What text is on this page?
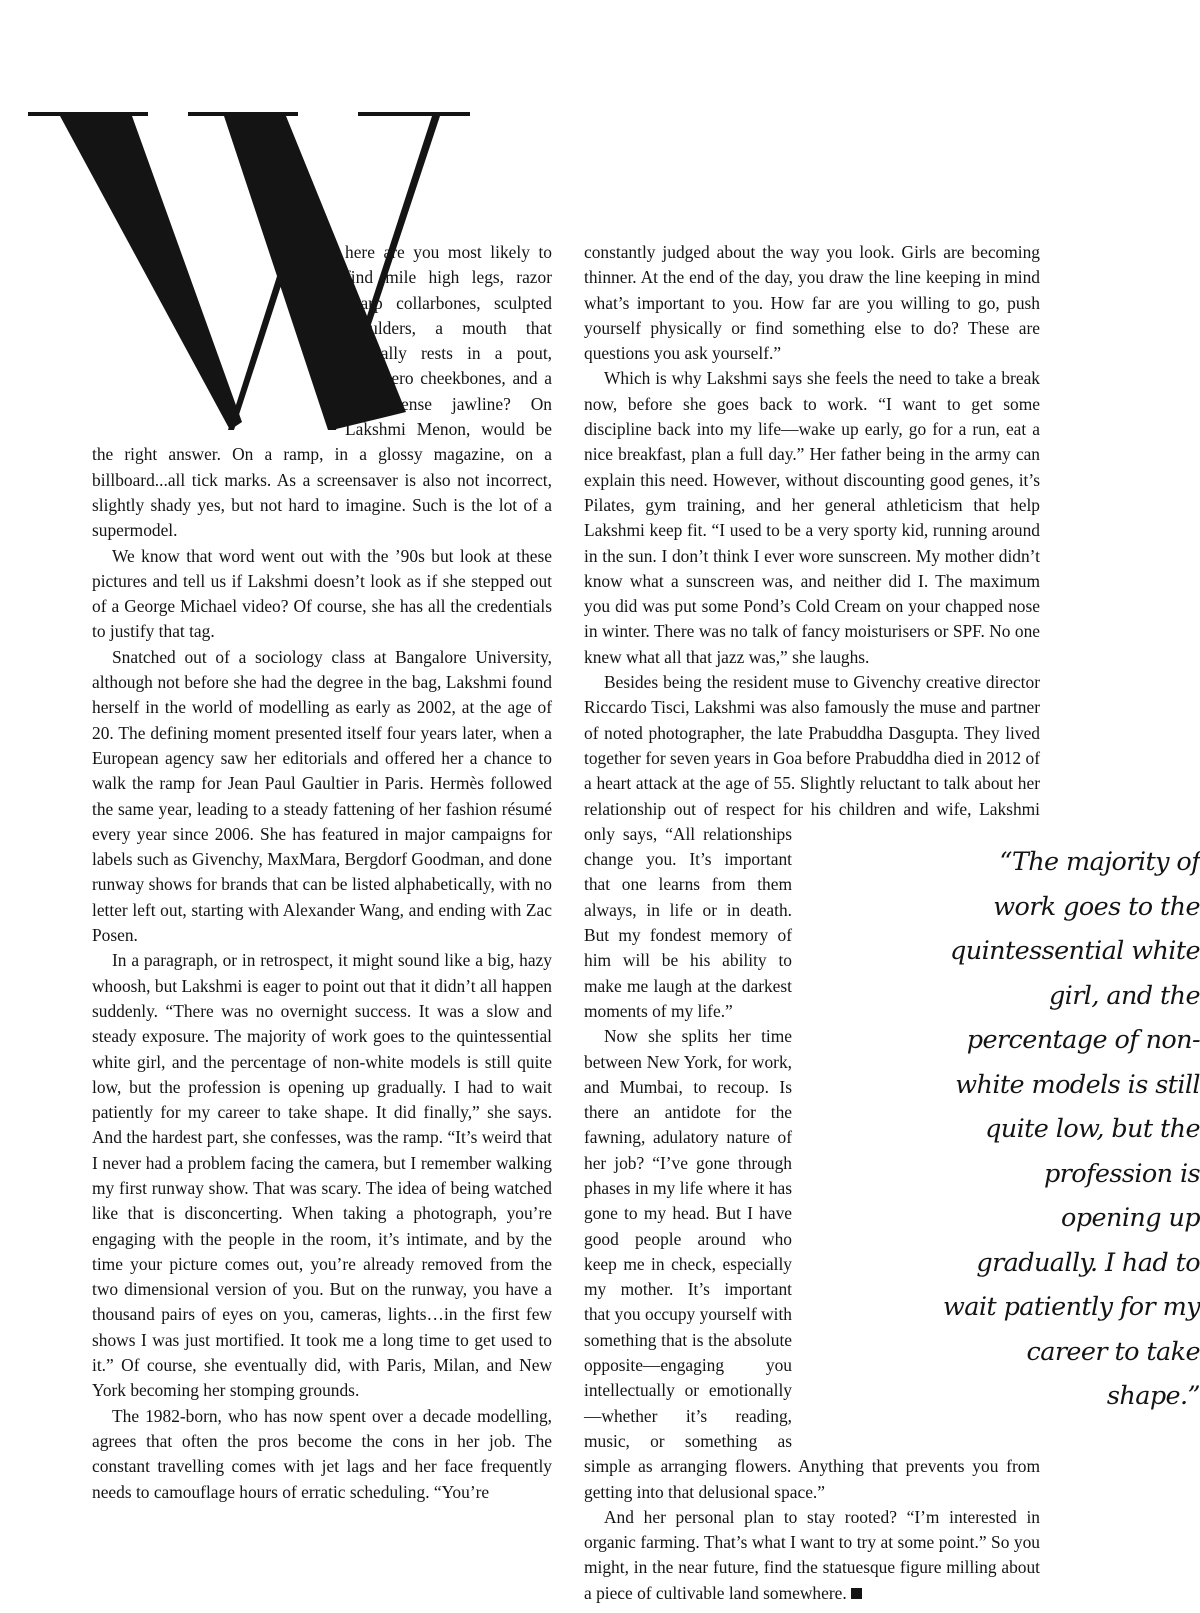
here are you most likely to find mile high legs, razor sharp collarbones, sculpted shoulders, a mouth that naturally rests in a pout, superhero cheekbones, and a no-nonsense jawline? On Lakshmi Menon, would be the right answer. On a ramp, in a glossy magazine, on a billboard...all tick marks. As a screensaver is also not incorrect, slightly shady yes, but not hard to imagine. Such is the lot of a supermodel.

We know that word went out with the ’90s but look at these pictures and tell us if Lakshmi doesn’t look as if she stepped out of a George Michael video? Of course, she has all the credentials to justify that tag.

Snatched out of a sociology class at Bangalore University, although not before she had the degree in the bag, Lakshmi found herself in the world of modelling as early as 2002, at the age of 20. The defining moment presented itself four years later, when a European agency saw her editorials and offered her a chance to walk the ramp for Jean Paul Gaultier in Paris. Hermès followed the same year, leading to a steady fattening of her fashion résumé every year since 2006. She has featured in major campaigns for labels such as Givenchy, MaxMara, Bergdorf Goodman, and done runway shows for brands that can be listed alphabetically, with no letter left out, starting with Alexander Wang, and ending with Zac Posen.

In a paragraph, or in retrospect, it might sound like a big, hazy whoosh, but Lakshmi is eager to point out that it didn’t all happen suddenly. “There was no overnight success. It was a slow and steady exposure. The majority of work goes to the quintessential white girl, and the percentage of non-white models is still quite low, but the profession is opening up gradually. I had to wait patiently for my career to take shape. It did finally,” she says. And the hardest part, she confesses, was the ramp. “It’s weird that I never had a problem facing the camera, but I remember walking my first runway show. That was scary. The idea of being watched like that is disconcerting. When taking a photograph, you’re engaging with the people in the room, it’s intimate, and by the time your picture comes out, you’re already removed from the two dimensional version of you. But on the runway, you have a thousand pairs of eyes on you, cameras, lights…in the first few shows I was just mortified. It took me a long time to get used to it.” Of course, she eventually did, with Paris, Milan, and New York becoming her stomping grounds.

The 1982-born, who has now spent over a decade modelling, agrees that often the pros become the cons in her job. The constant travelling comes with jet lags and her face frequently needs to camouflage hours of erratic scheduling. “You’re

constantly judged about the way you look. Girls are becoming thinner. At the end of the day, you draw the line keeping in mind what’s important to you. How far are you willing to go, push yourself physically or find something else to do? These are questions you ask yourself.”

Which is why Lakshmi says she feels the need to take a break now, before she goes back to work. “I want to get some discipline back into my life—wake up early, go for a run, eat a nice breakfast, plan a full day.” Her father being in the army can explain this need. However, without discounting good genes, it’s Pilates, gym training, and her general athleticism that help Lakshmi keep fit. “I used to be a very sporty kid, running around in the sun. I don’t think I ever wore sunscreen. My mother didn’t know what a sunscreen was, and neither did I. The maximum you did was put some Pond’s Cold Cream on your chapped nose in winter. There was no talk of fancy moisturisers or SPF. No one knew what all that jazz was,” she laughs.

Besides being the resident muse to Givenchy creative director Riccardo Tisci, Lakshmi was also famously the muse and partner of noted photographer, the late Prabuddha Dasgupta. They lived together for seven years in Goa before Prabuddha died in 2012 of a heart attack at the age of 55. Slightly reluctant to talk about her relationship out of respect for his children and wife, Lakshmi only says, “All relationships change you. It’s important that one learns from them always, in life or in death. But my fondest memory of him will be his ability to make me laugh at the darkest moments of my life.”

Now she splits her time between New York, for work, and Mumbai, to recoup. Is there an antidote for the fawning, adulatory nature of her job? “I’ve gone through phases in my life where it has gone to my head. But I have good people around who keep me in check, especially my mother. It’s important that you occupy yourself with something that is the absolute opposite—engaging you intellectually or emotionally—whether it’s reading, music, or something as simple as arranging flowers. Anything that prevents you from getting into that delusional space.”

And her personal plan to stay rooted? “I’m interested in organic farming. That’s what I want to try at some point.” So you might, in the near future, find the statuesque figure milling about a piece of cultivable land somewhere.

“The majority of work goes to the quintessential white girl, and the percentage of non-white models is still quite low, but the profession is opening up gradually. I had to wait patiently for my career to take shape.”
